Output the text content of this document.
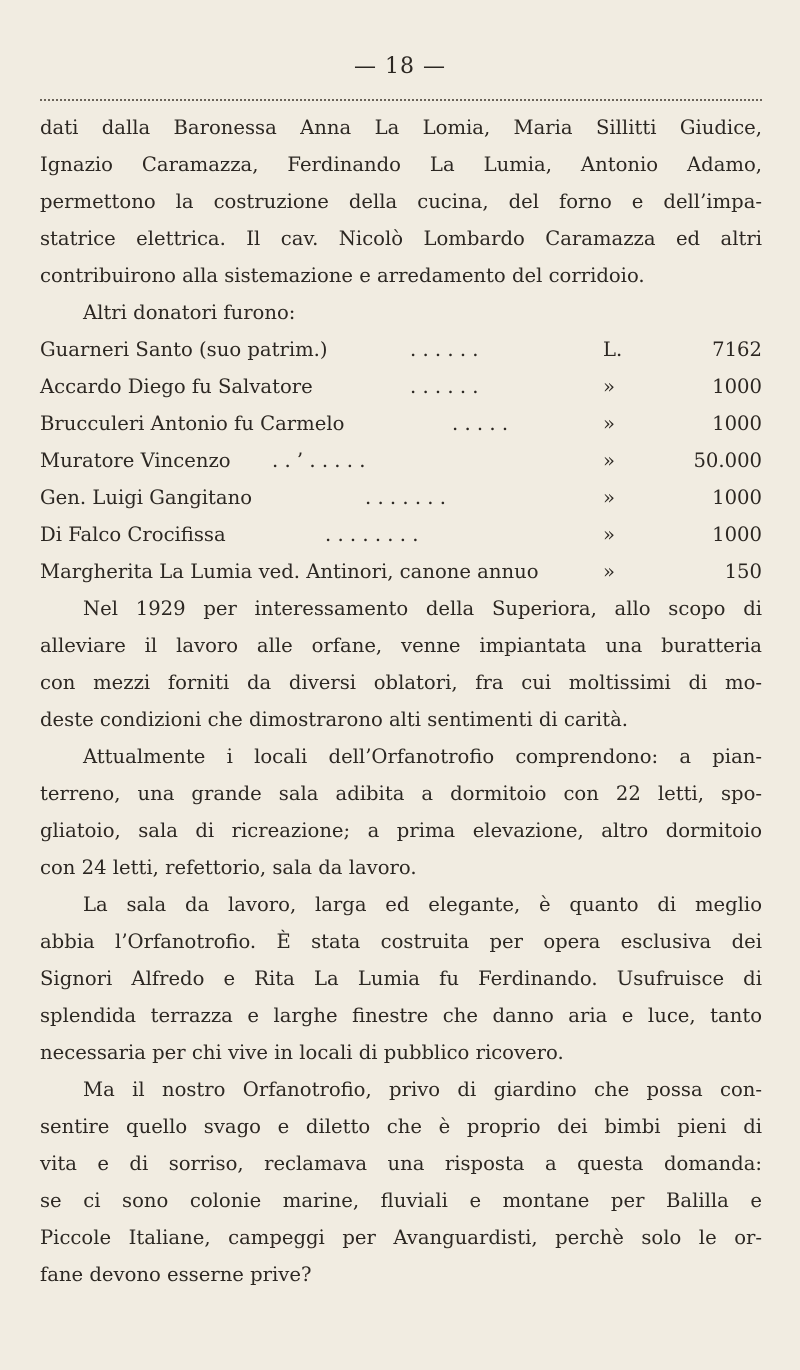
— 18 —
dati dalla Baronessa Anna La Lomia, Maria Sillitti Giudice,
Ignazio Caramazza, Ferdinando La Lumia, Antonio Adamo,
permettono la costruzione della cucina, del forno e dell’impa-
statrice elettrica. Il cav. Nicolò Lombardo Caramazza ed altri
contribuirono alla sistemazione e arredamento del corridoio.
Altri donatori furono:
Guarneri Santo (suo patrim.)	. . . . . .	L.	7162
Accardo Diego fu Salvatore	. . . . . .	»	1000
Brucculeri Antonio fu Carmelo	. . . . .	»	1000
Muratore Vincenzo . . ’ . . . . .	»	50.000
Gen. Luigi Gangitano	. . . . . . .	»	1000
Di Falco Crocifissa	. . . . . . . .	»	1000
Margherita La Lumia ved. Antinori, canone annuo	»	150
Nel 1929 per interessamento della Superiora, allo scopo di
alleviare il lavoro alle orfane, venne impiantata una buratteria
con mezzi forniti da diversi oblatori, fra cui moltissimi di mo-
deste condizioni che dimostrarono alti sentimenti di carità.
Attualmente i locali dell’Orfanotrofio comprendono: a pian-
terreno, una grande sala adibita a dormitoio con 22 letti, spo-
gliatoio, sala di ricreazione; a prima elevazione, altro dormitoio
con 24 letti, refettorio, sala da lavoro.
La sala da lavoro, larga ed elegante, è quanto di meglio
abbia l’Orfanotrofio. È stata costruita per opera esclusiva dei
Signori Alfredo e Rita La Lumia fu Ferdinando. Usufruisce di
splendida terrazza e larghe finestre che danno aria e luce, tanto
necessaria per chi vive in locali di pubblico ricovero.
Ma il nostro Orfanotrofio, privo di giardino che possa con-
sentire quello svago e diletto che è proprio dei bimbi pieni di
vita e di sorriso, reclamava una risposta a questa domanda:
se ci sono colonie marine, fluviali e montane per Balilla e
Piccole Italiane, campeggi per Avanguardisti, perchè solo le or-
fane devono esserne prive?
